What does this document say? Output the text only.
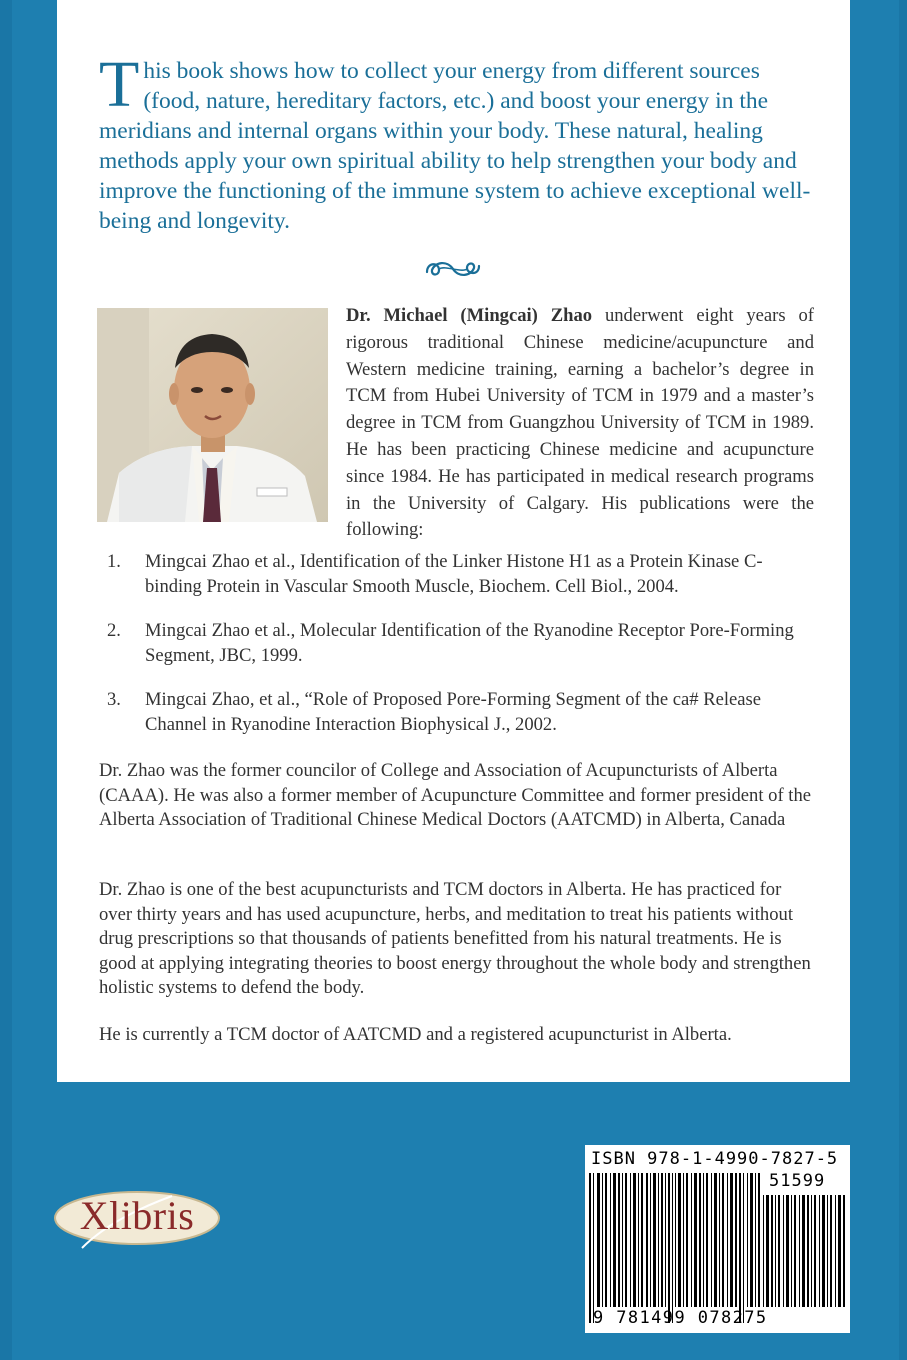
T his book shows how to collect your energy from different sources (food, nature, hereditary factors, etc.) and boost your energy in the meridians and internal organs within your body. These natural, healing methods apply your own spiritual ability to help strengthen your body and improve the functioning of the immune system to achieve exceptional well-being and longevity.

Dr. Michael (Mingcai) Zhao underwent eight years of rigorous traditional Chinese medicine/acupuncture and Western medicine training, earning a bachelor’s degree in TCM from Hubei University of TCM in 1979 and a master’s degree in TCM from Guangzhou University of TCM in 1989. He has been practicing Chinese medicine and acupuncture since 1984. He has participated in medical research programs in the University of Calgary. His publications were the following:

1. Mingcai Zhao et al., Identification of the Linker Histone H1 as a Protein Kinase C-binding Protein in Vascular Smooth Muscle, Biochem. Cell Biol., 2004.
2. Mingcai Zhao et al., Molecular Identification of the Ryanodine Receptor Pore-Forming Segment, JBC, 1999.
3. Mingcai Zhao, et al., “Role of Proposed Pore-Forming Segment of the ca# Release Channel in Ryanodine Interaction Biophysical J., 2002.

Dr. Zhao was the former councilor of College and Association of Acupuncturists of Alberta (CAAA). He was also a former member of Acupuncture Committee and former president of the Alberta Association of Traditional Chinese Medical Doctors (AATCMD) in Alberta, Canada

Dr. Zhao is one of the best acupuncturists and TCM doctors in Alberta. He has practiced for over thirty years and has used acupuncture, herbs, and meditation to treat his patients without drug prescriptions so that thousands of patients benefitted from his natural treatments. He is good at applying integrating theories to boost energy throughout the whole body and strengthen holistic systems to defend the body.

He is currently a TCM doctor of AATCMD and a registered acupuncturist in Alberta.

Xlibris
ISBN 978-1-4990-7827-5
51599
9 781499 078275
